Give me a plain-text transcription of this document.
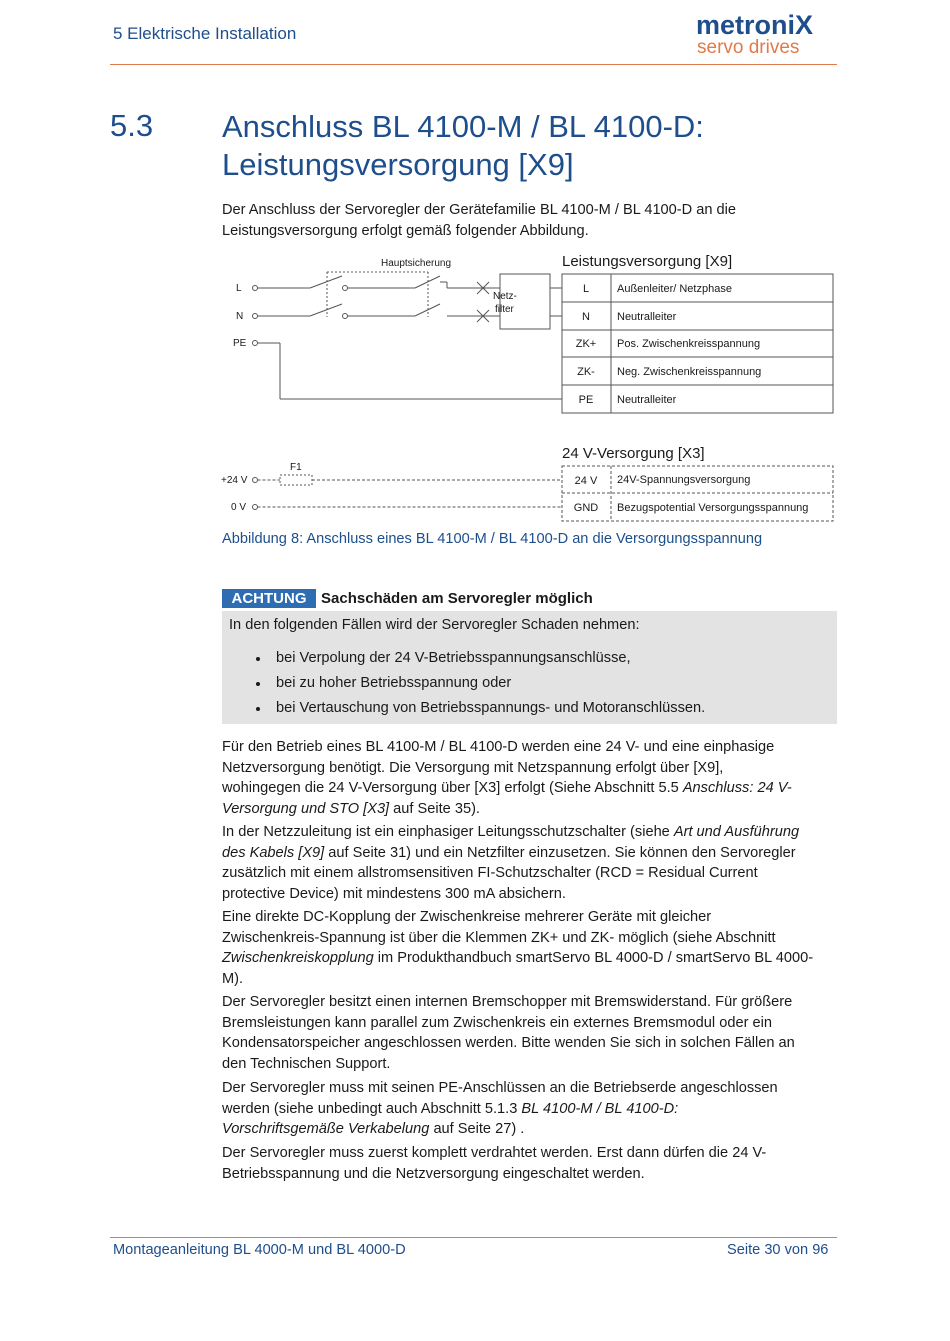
5 Elektrische Installation	metroniX
servo drives
5.3 Anschluss BL 4100-M / BL 4100-D:
Leistungsversorgung [X9]
Der Anschluss der Servoregler der Gerätefamilie BL 4100-M / BL 4100-D an die
Leistungsversorgung erfolgt gemäß folgender Abbildung.
Hauptsicherung
Netz-
filter
Leistungsversorgung [X9]
L
N
PE
L	Außenleiter/ Netzphase
N Neutralleiter
ZK+ Pos. Zwischenkreisspannung
ZK- Neg. Zwischenkreisspannung
PE Neutralleiter
24 V-Versorgung [X3]
F1
+24 V
0 V
24 V 24V-Spannungsversorgung
GND Bezugspotential Versorgungsspannung
Abbildung 8: Anschluss eines BL 4100-M / BL 4100-D an die Versorgungsspannung
ACHTUNG Sachschäden am Servoregler möglich
In den folgenden Fällen wird der Servoregler Schaden nehmen:
bei Verpolung der 24 V-Betriebsspannungsanschlüsse,
bei zu hoher Betriebsspannung oder
bei Vertauschung von Betriebsspannungs- und Motoranschlüssen.
Für den Betrieb eines BL 4100-M / BL 4100-D werden eine 24 V- und eine einphasige
Netzversorgung benötigt. Die Versorgung mit Netzspannung erfolgt über [X9],
wohingegen die 24 V-Versorgung über [X3] erfolgt (Siehe Abschnitt 5.5 Anschluss: 24 V-
Versorgung und STO [X3] auf Seite 35).
In der Netzzuleitung ist ein einphasiger Leitungsschutzschalter (siehe Art und Ausführung
des Kabels [X9] auf Seite 31) und ein Netzfilter einzusetzen. Sie können den Servoregler
zusätzlich mit einem allstromsensitiven FI-Schutzschalter (RCD = Residual Current
protective Device) mit mindestens 300 mA absichern.
Eine direkte DC-Kopplung der Zwischenkreise mehrerer Geräte mit gleicher
Zwischenkreis-Spannung ist über die Klemmen ZK+ und ZK- möglich (siehe Abschnitt
Zwischenkreiskopplung im Produkthandbuch smartServo BL 4000-D / smartServo BL 4000-
M).
Der Servoregler besitzt einen internen Bremschopper mit Bremswiderstand. Für größere
Bremsleistungen kann parallel zum Zwischenkreis ein externes Bremsmodul oder ein
Kondensatorspeicher angeschlossen werden. Bitte wenden Sie sich in solchen Fällen an
den Technischen Support.
Der Servoregler muss mit seinen PE-Anschlüssen an die Betriebserde angeschlossen
werden (siehe unbedingt auch Abschnitt 5.1.3 BL 4100-M / BL 4100-D:
Vorschriftsgemäße Verkabelung auf Seite 27) .
Der Servoregler muss zuerst komplett verdrahtet werden. Erst dann dürfen die 24 V-
Betriebsspannung und die Netzversorgung eingeschaltet werden.
Montageanleitung BL 4000-M und BL 4000-D	Seite 30 von 96
